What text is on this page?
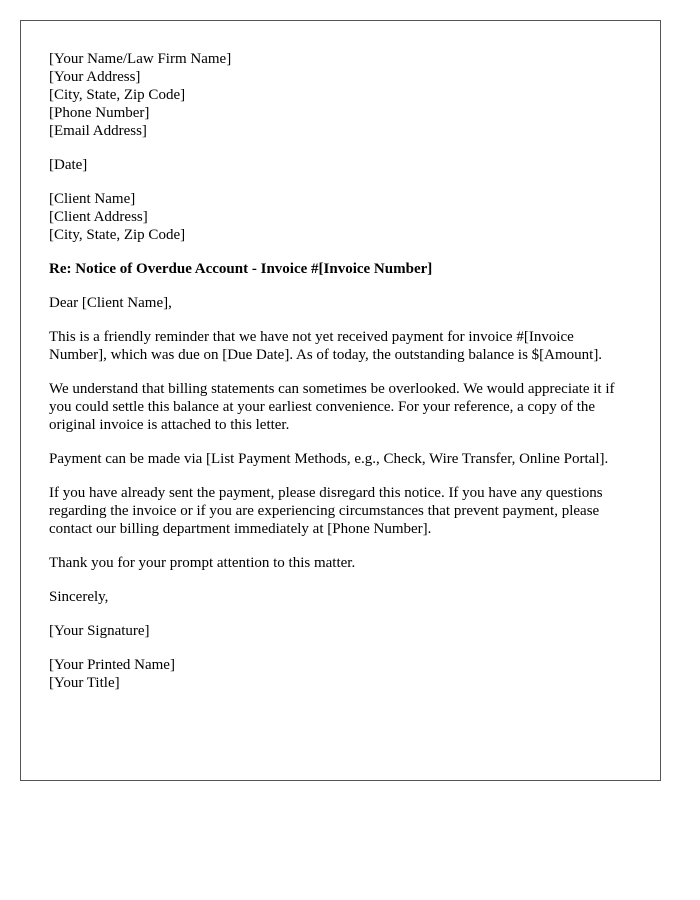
[Your Name/Law Firm Name]
[Your Address]
[City, State, Zip Code]
[Phone Number]
[Email Address]

[Date]

[Client Name]
[Client Address]
[City, State, Zip Code]

Re: Notice of Overdue Account - Invoice #[Invoice Number]

Dear [Client Name],

This is a friendly reminder that we have not yet received payment for invoice #[Invoice Number], which was due on [Due Date]. As of today, the outstanding balance is $[Amount].

We understand that billing statements can sometimes be overlooked. We would appreciate it if you could settle this balance at your earliest convenience. For your reference, a copy of the original invoice is attached to this letter.

Payment can be made via [List Payment Methods, e.g., Check, Wire Transfer, Online Portal].

If you have already sent the payment, please disregard this notice. If you have any questions regarding the invoice or if you are experiencing circumstances that prevent payment, please contact our billing department immediately at [Phone Number].

Thank you for your prompt attention to this matter.

Sincerely,

[Your Signature]

[Your Printed Name]
[Your Title]
